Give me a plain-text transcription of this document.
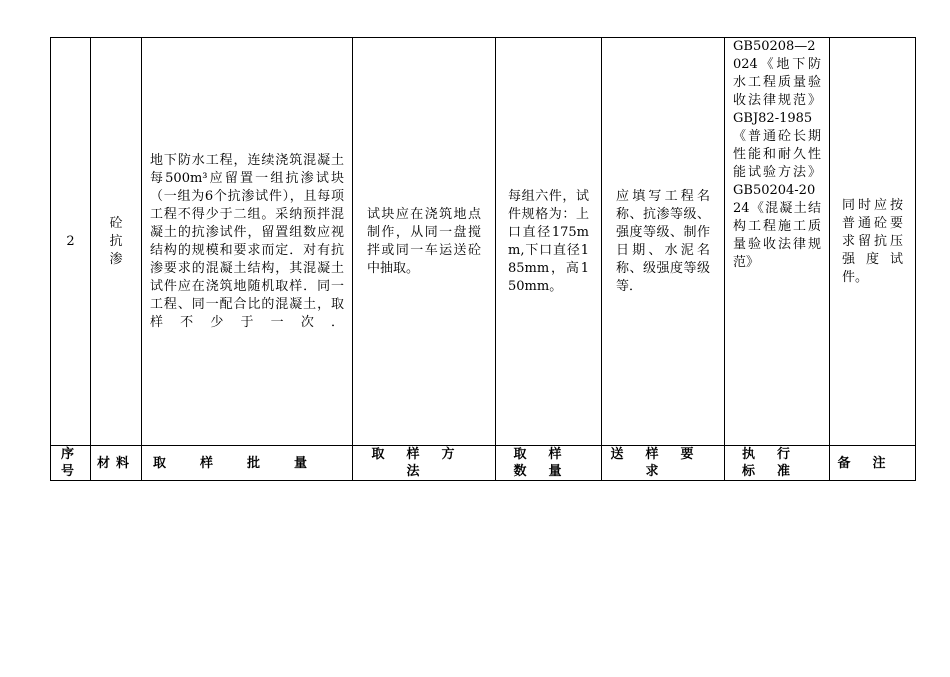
2	砼抗渗	地下防水工程，连续浇筑混凝土每500m³应留置一组抗渗试块（一组为6个抗渗试件），且每项工程不得少于二组。采纳预拌混凝土的抗渗试件，留置组数应视结构的规模和要求而定．对有抗渗要求的混凝土结构，其混凝土试件应在浇筑地随机取样．同一工程、同一配合比的混凝土，取样不少于一次．	试块应在浇筑地点制作，从同一盘搅拌或同一车运送砼中抽取。	每组六件，试件规格为：上口直径175mm,下口直径185mm，高150mm。	应填写工程名称、抗渗等级、强度等级、制作日期、水泥名称、级强度等级等．	GB50208—2024《地下防水工程质量验收法律规范》GBJ82-1985《普通砼长期性能和耐久性能试验方法》GB50204-2024《混凝土结构工程施工质量验收法律规范》	同时应按普通砼要求留抗压强度试件。
序号	材料	取样批量	取样方法	取样数量	送样要求	执行标准	备注
